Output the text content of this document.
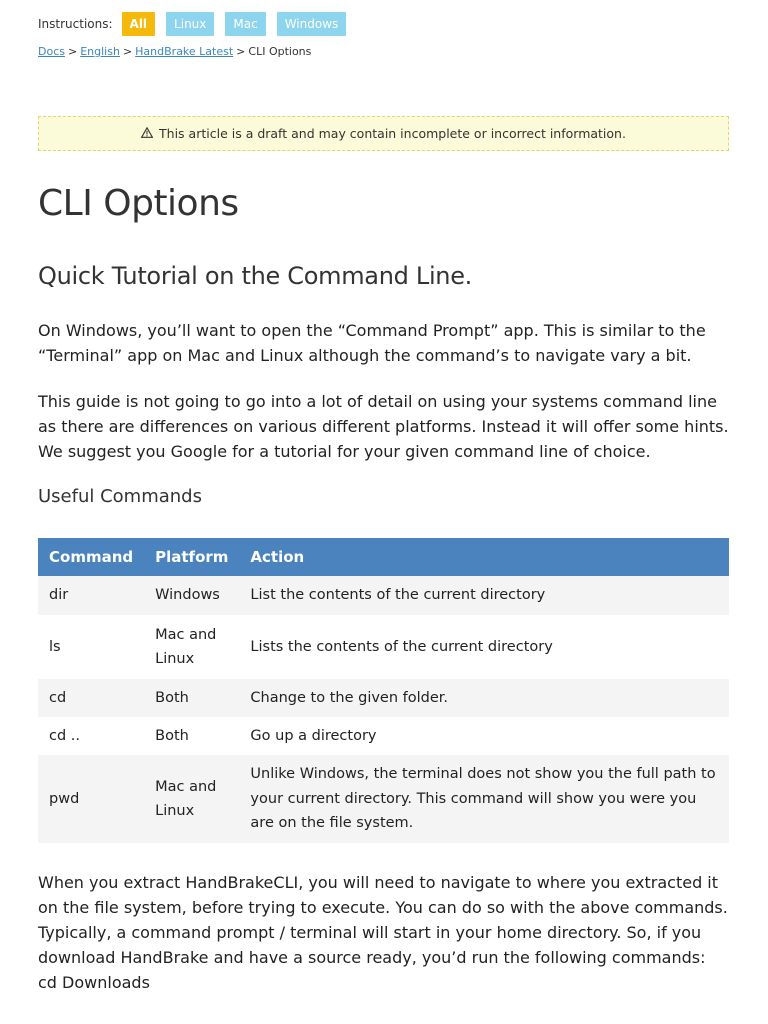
Instructions:	All	Linux	Mac	Windows
Docs > English > HandBrake Latest > CLI Options
This article is a draft and may contain incomplete or incorrect information.
CLI Options
Quick Tutorial on the Command Line.

On Windows, you’ll want to open the “Command Prompt” app. This is similar to the “Terminal” app on Mac and Linux although the command’s to navigate vary a bit.

This guide is not going to go into a lot of detail on using your systems command line as there are differences on various different platforms. Instead it will offer some hints. We suggest you Google for a tutorial for your given command line of choice.

Useful Commands
Command	Platform	Action
dir	Windows	List the contents of the current directory
ls	Mac and Linux	Lists the contents of the current directory
cd	Both	Change to the given folder.
cd ..	Both	Go up a directory
pwd	Mac and Linux	Unlike Windows, the terminal does not show you the full path to your current directory. This command will show you were you are on the file system.

When you extract HandBrakeCLI, you will need to navigate to where you extracted it on the file system, before trying to execute. You can do so with the above commands. Typically, a command prompt / terminal will start in your home directory. So, if you download HandBrake and have a source ready, you’d run the following commands: cd Downloads
